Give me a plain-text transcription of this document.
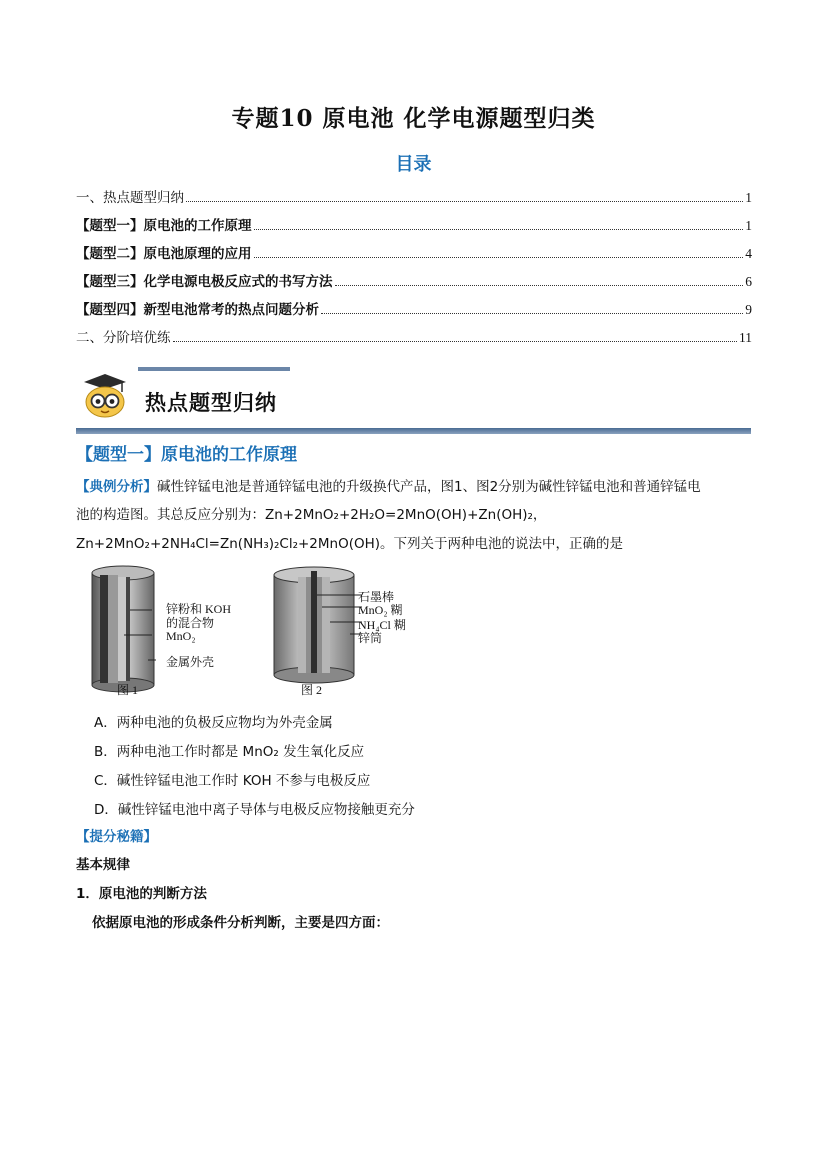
专题10 原电池 化学电源题型归类
目录
一、热点题型归纳	1
【题型一】原电池的工作原理	1
【题型二】原电池原理的应用	4
【题型三】化学电源电极反应式的书写方法	6
【题型四】新型电池常考的热点问题分析	9
二、分阶培优练	11
热点题型归纳
【题型一】原电池的工作原理
【典例分析】碱性锌锰电池是普通锌锰电池的升级换代产品，图1、图2分别为碱性锌锰电池和普通锌锰电
池的构造图。其总反应分别为：Zn+2MnO₂+2H₂O=2MnO(OH)+Zn(OH)₂，
Zn+2MnO₂+2NH₄Cl=Zn(NH₃)₂Cl₂+2MnO(OH)。下列关于两种电池的说法中，正确的是
锌粉和 KOH
的混合物
MnO₂
金属外壳
图 1
石墨棒
MnO₂ 糊
NH₄Cl 糊
锌筒
图 2
A．两种电池的负极反应物均为外壳金属
B．两种电池工作时都是 MnO₂ 发生氧化反应
C．碱性锌锰电池工作时 KOH 不参与电极反应
D．碱性锌锰电池中离子导体与电极反应物接触更充分
【提分秘籍】
基本规律
1．原电池的判断方法
依据原电池的形成条件分析判断，主要是四方面：
